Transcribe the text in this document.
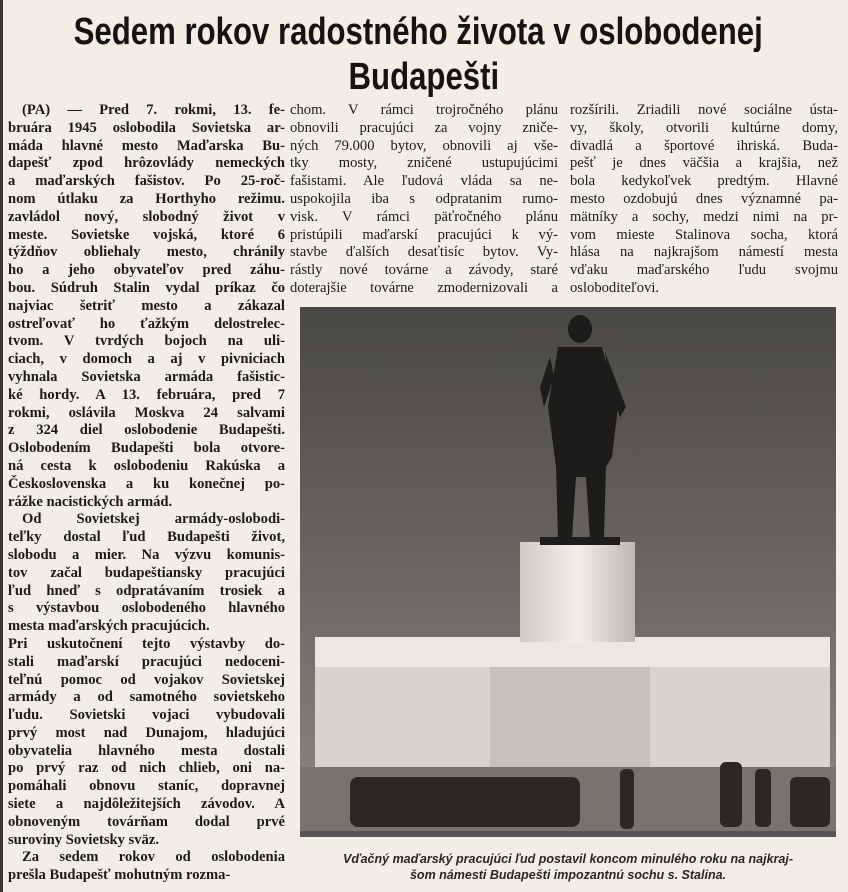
Sedem rokov radostného života v oslobodenej
Budapešti
(PA) — Pred 7. rokmi, 13. fe-
bruára 1945 oslobodila Sovietska ar-
máda hlavné mesto Maďarska Bu-
dapešť zpod hrôzovlády nemeckých
a maďarských fašistov. Po 25-roč-
nom útlaku za Horthyho režimu.
zavládol nový, slobodný život v
meste. Sovietske vojská, ktoré 6
týždňov obliehaly mesto, chránily
ho a jeho obyvateľov pred záhu-
bou. Súdruh Stalin vydal príkaz čo
najviac šetriť mesto a zákazal
ostreľovať ho ťažkým delostrelec-
tvom. V tvrdých bojoch na uli-
ciach, v domoch a aj v pivniciach
vyhnala Sovietska armáda fašistic-
ké hordy. A 13. februára, pred 7
rokmi, oslávila Moskva 24 salvami
z 324 diel oslobodenie Budapešti.
Oslobodením Budapešti bola otvore-
ná cesta k oslobodeniu Rakúska a
Československa a ku konečnej po-
rážke nacistických armád.
Od Sovietskej armády-oslobodi-
teľky dostal ľud Budapešti život,
slobodu a mier. Na výzvu komunis-
tov začal budapeštiansky pracujúci
ľud hneď s odpratávaním trosiek a
s výstavbou oslobodeného hlavného
mesta maďarských pracujúcich.
Pri uskutočnení tejto výstavby do-
stali maďarskí pracujúci nedoceni-
teľnú pomoc od vojakov Sovietskej
armády a od samotného sovietskeho
ľudu. Sovietski vojaci vybudovali
prvý most nad Dunajom, hladujúci
obyvatelia hlavného mesta dostali
po prvý raz od nich chlieb, oni na-
pomáhali obnovu staníc, dopravnej
siete a najdôležitejších závodov. A
obnoveným továrňam dodal prvé
suroviny Sovietsky sväz.
Za sedem rokov od oslobodenia
prešla Budapešť mohutným rozma-
chom. V rámci trojročného plánu
obnovili pracujúci za vojny zniče-
ných 79.000 bytov, obnovili aj vše-
tky mosty, zničené ustupujúcimi
fašistami. Ale ľudová vláda sa ne-
uspokojila iba s odpratanim rumo-
visk. V rámci päťročného plánu
pristúpili maďarskí pracujúci k vý-
stavbe ďalších desaťtisíc bytov. Vy-
rástly nové továrne a závody, staré
doterajšie továrne zmodernizovali a
rozšírili. Zriadili nové sociálne ústa-
vy, školy, otvorili kultúrne domy,
divadlá a športové ihriská. Buda-
pešť je dnes väčšia a krajšia, než
bola kedykoľvek predtým. Hlavné
mesto ozdobujú dnes významné pa-
mätníky a sochy, medzi nimi na pr-
vom mieste Stalinova socha, ktorá
hlása na najkrajšom námestí mesta
vďaku maďarského ľudu svojmu
osloboditeľovi.
Vďačný maďarský pracujúci ľud postavil koncom minulého roku na najkraj-
šom námesti Budapešti impozantnú sochu s. Stalina.
